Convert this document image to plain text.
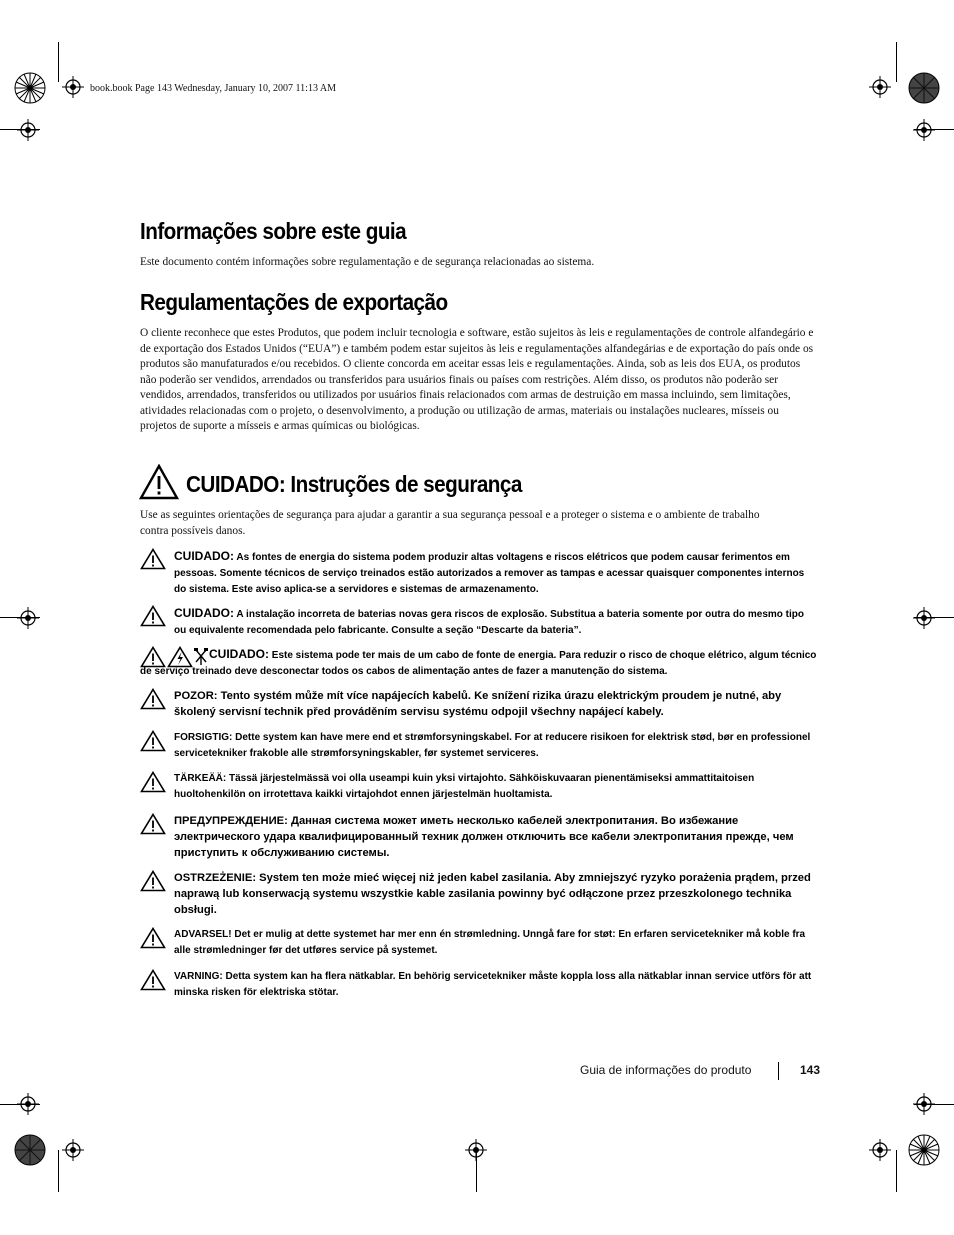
book.book Page 143 Wednesday, January 10, 2007 11:13 AM
Informações sobre este guia
Este documento contém informações sobre regulamentação e de segurança relacionadas ao sistema.
Regulamentações de exportação
O cliente reconhece que estes Produtos, que podem incluir tecnologia e software, estão sujeitos às leis e regulamentações de controle alfandegário e de exportação dos Estados Unidos (“EUA”) e também podem estar sujeitos às leis e regulamentações alfandegárias e de exportação do país onde os produtos são manufaturados e/ou recebidos. O cliente concorda em aceitar essas leis e regulamentações. Ainda, sob as leis dos EUA, os produtos não poderão ser vendidos, arrendados ou transferidos para usuários finais ou países com restrições. Além disso, os produtos não poderão ser vendidos, arrendados, transferidos ou utilizados por usuários finais relacionados com armas de destruição em massa incluindo, sem limitações, atividades relacionadas com o projeto, o desenvolvimento, a produção ou utilização de armas, materiais ou instalações nucleares, mísseis ou projetos de suporte a mísseis e armas químicas ou biológicas.
CUIDADO: Instruções de segurança
Use as seguintes orientações de segurança para ajudar a garantir a sua segurança pessoal e a proteger o sistema e o ambiente de trabalho contra possíveis danos.
CUIDADO: As fontes de energia do sistema podem produzir altas voltagens e riscos elétricos que podem causar ferimentos em pessoas. Somente técnicos de serviço treinados estão autorizados a remover as tampas e acessar quaisquer componentes internos do sistema. Este aviso aplica-se a servidores e sistemas de armazenamento.
CUIDADO: A instalação incorreta de baterias novas gera riscos de explosão. Substitua a bateria somente por outra do mesmo tipo ou equivalente recomendada pelo fabricante. Consulte a seção “Descarte da bateria”.
CUIDADO: Este sistema pode ter mais de um cabo de fonte de energia. Para reduzir o risco de choque elétrico, algum técnico de serviço treinado deve desconectar todos os cabos de alimentação antes de fazer a manutenção do sistema.
POZOR: Tento systém může mít více napájecích kabelů. Ke snížení rizika úrazu elektrickým proudem je nutné, aby školený servisní technik před prováděním servisu systému odpojil všechny napájecí kabely.
FORSIGTIG: Dette system kan have mere end et strømforsyningskabel. For at reducere risikoen for elektrisk stød, bør en professionel servicetekniker frakoble alle strømforsyningskabler, før systemet serviceres.
TÄRKEÄÄ: Tässä järjestelmässä voi olla useampi kuin yksi virtajohto. Sähköiskuvaaran pienentämiseksi ammattitaitoisen huoltohenkilön on irrotettava kaikki virtajohdot ennen järjestelmän huoltamista.
ПРЕДУПРЕЖДЕНИЕ: Данная система может иметь несколько кабелей электропитания. Во избежание электрического удара квалифицированный техник должен отключить все кабели электропитания прежде, чем приступить к обслуживанию системы.
OSTRZEŻENIE: System ten może mieć więcej niż jeden kabel zasilania. Aby zmniejszyć ryzyko porażenia prądem, przed naprawą lub konserwacją systemu wszystkie kable zasilania powinny być odłączone przez przeszkolonego technika obsługi.
ADVARSEL! Det er mulig at dette systemet har mer enn én strømledning. Unngå fare for støt: En erfaren servicetekniker må koble fra alle strømledninger før det utføres service på systemet.
VARNING: Detta system kan ha flera nätkablar. En behörig servicetekniker måste koppla loss alla nätkablar innan service utförs för att minska risken för elektriska stötar.
Guia de informações do produto	143
